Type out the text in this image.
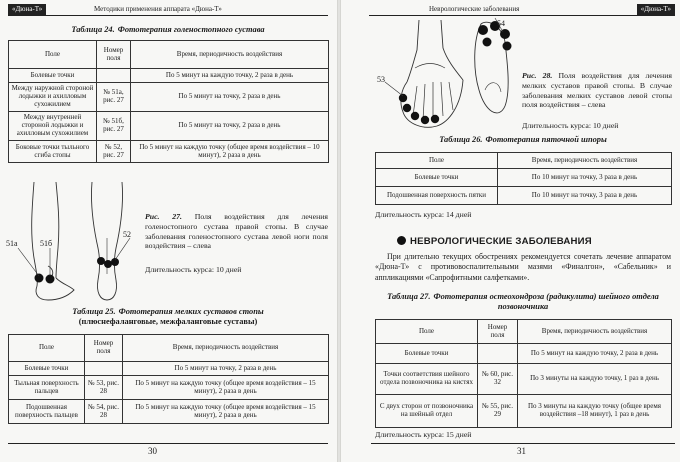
«Дюна-Т»	Методики применения аппарата «Дюна-Т»
Таблица 24. Фототерапия голеностопного сустава
Поле	Номер поля	Время, периодичность воздействия
Болевые точки		По 5 минут на каждую точку, 2 раза в день
Между наружной стороной лодыжки и ахилловым сухожилием	№ 51а, рис. 27	По 5 минут на точку, 2 раза в день
Между внутренней стороной лодыжки и ахилловым сухожилием	№ 51б, рис. 27	По 5 минут на точку, 2 раза в день
Боковые точки тыльного сгиба стопы	№ 52, рис. 27	По 5 минут на каждую точку (общее время воздействия – 10 минут), 2 раза в день
51а	51б
52
Рис. 27. Поля воздействия для лечения голеностопного сустава правой стопы. В случае заболевания голеностопного сустава левой ноги поля воздействия – слева
Длительность курса: 10 дней
Таблица 25. Фототерапия мелких суставов стопы
(плюснефаланговые, межфаланговые суставы)
Поле	Номер поля	Время, периодичность воздействия
Болевые точки		По 5 минут на точку, 2 раза в день
Тыльная поверхность пальцев	№ 53, рис. 28	По 5 минут на каждую точку (общее время воздействия – 15 минут), 2 раза в день
Подошвенная поверхность пальцев	№ 54, рис. 28	По 5 минут на каждую точку (общее время воздействия – 15 минут), 2 раза в день
30
Неврологические заболевания	«Дюна-Т»
53
54
Рис. 28. Поля воздействия для лечения мелких суставов правой стопы. В случае заболевания мелких суставов левой стопы поля воздействия – слева
Длительность курса: 10 дней
Таблица 26. Фототерапия пяточной шпоры
Поле	Время, периодичность воздействия
Болевые точки	По 10 минут на точку, 3 раза в день
Подошвенная поверхность пятки	По 10 минут на точку, 3 раза в день
Длительность курса: 14 дней
НЕВРОЛОГИЧЕСКИЕ ЗАБОЛЕВАНИЯ
При длительно текущих обострениях рекомендуется сочетать лечение аппаратом «Дюна-Т» с противовоспалительными мазями «Финалгон», «Сабельник» и аппликациями «Сапрофитными салфетками».
Таблица 27. Фототерапия остеохондроза (радикулита) шейного отдела позвоночника
Поле	Номер поля	Время, периодичность воздействия
Болевые точки		По 5 минут на каждую точку, 2 раза в день
Точки соответствия шейного отдела позвоночника на кистях	№ 60, рис. 32	По 3 минуты на каждую точку, 1 раз в день
С двух сторон от позвоночника на шейный отдел	№ 55, рис. 29	По 3 минуты на каждую точку (общее время воздействия –18 минут), 1 раз в день
Длительность курса: 15 дней
31
